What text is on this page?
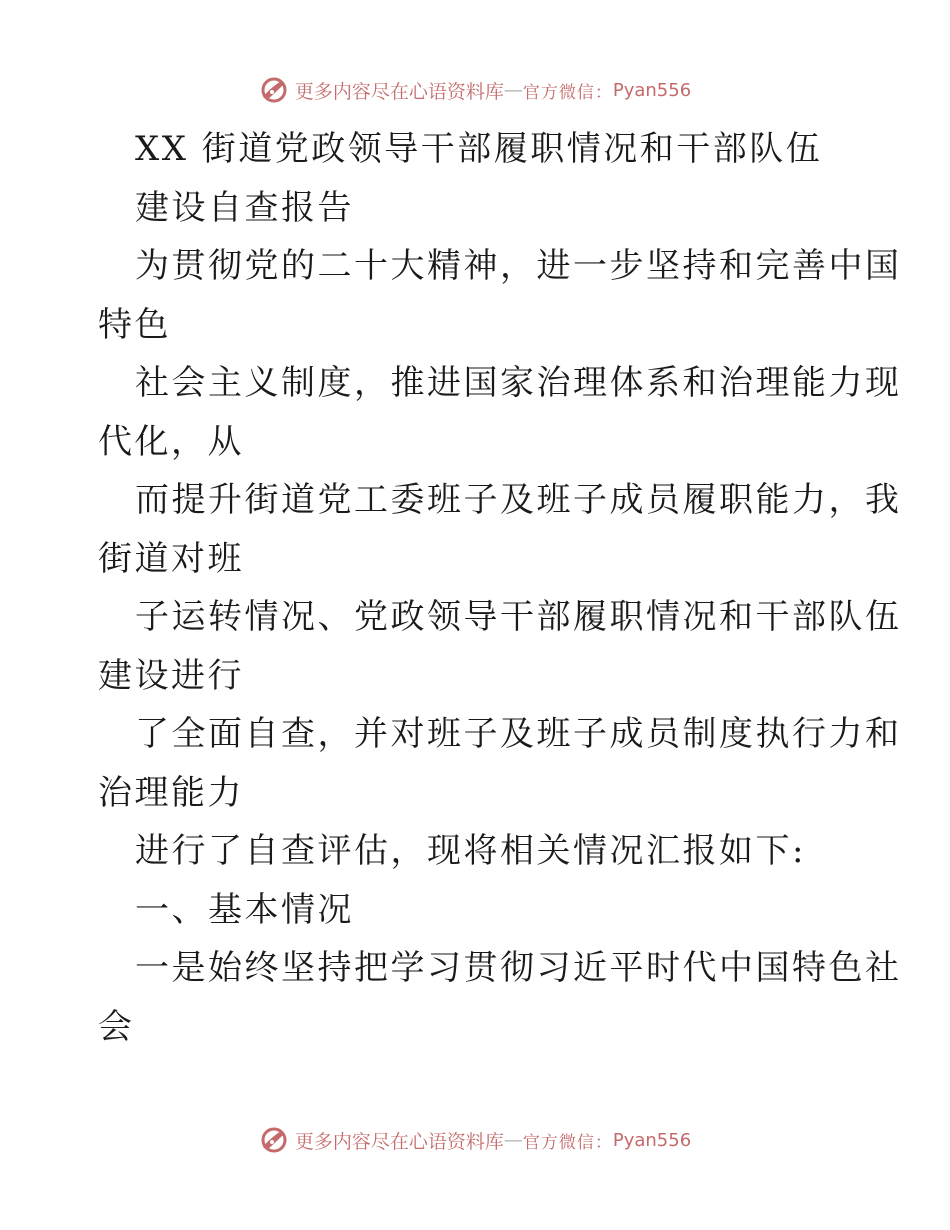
更多内容尽在心语资料库 — 官方微信： Pyan556
XX 街道党政领导干部履职情况和干部队伍
建设自查报告
为贯彻党的二十大精神，进一步坚持和完善中国
特色
社会主义制度，推进国家治理体系和治理能力现
代化，从
而提升街道党工委班子及班子成员履职能力，我
街道对班
子运转情况、党政领导干部履职情况和干部队伍
建设进行
了全面自查，并对班子及班子成员制度执行力和
治理能力
进行了自查评估，现将相关情况汇报如下:
一、基本情况
一是始终坚持把学习贯彻习近平时代中国特色社
会
更多内容尽在心语资料库 — 官方微信： Pyan556
